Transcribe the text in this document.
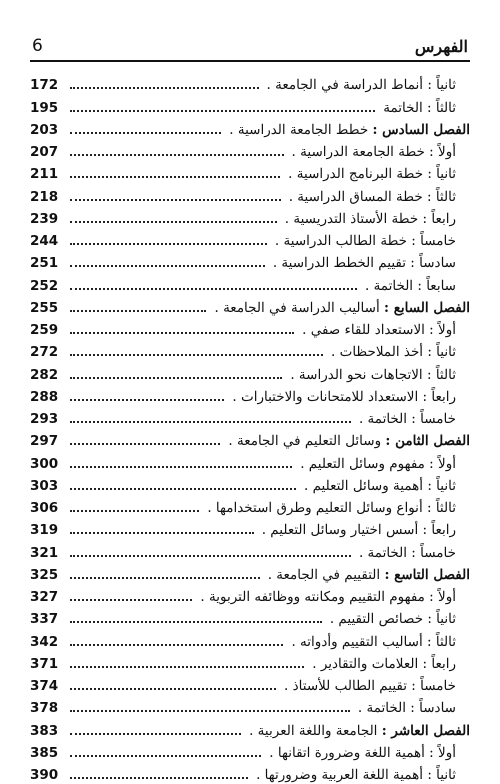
6	الفهرس
ثانياً : أنماط الدراسة في الجامعة .
172
ثالثاً : الخاتمة
195
الفصل السادس : خطط الجامعة الدراسية .
203
أولاً : خطة الجامعة الدراسية .
207
ثانياً : خطة البرنامج الدراسية .
211
ثالثاً : خطة المساق الدراسية .
218
رابعاً : خطة الأستاذ التدريسية .
239
خامساً : خطة الطالب الدراسية .
244
سادساً : تقييم الخطط الدراسية .
251
سابعاً : الخاتمة .
252
الفصل السابع : أساليب الدراسة في الجامعة .
255
أولاً : الاستعداد للقاء صفي .
259
ثانياً : أخذ الملاحظات .
272
ثالثاً : الاتجاهات نحو الدراسة .
282
رابعاً : الاستعداد للامتحانات والاختبارات .
288
خامساً : الخاتمة .
293
الفصل الثامن : وسائل التعليم في الجامعة .
297
أولاً : مفهوم وسائل التعليم .
300
ثانياً : أهمية وسائل التعليم .
303
ثالثاً : أنواع وسائل التعليم وطرق استخدامها .
306
رابعاً : أسس اختيار وسائل التعليم .
319
خامساً : الخاتمة .
321
الفصل التاسع : التقييم في الجامعة .
325
أولاً : مفهوم التقييم ومكانته ووظائفه التربوية .
327
ثانياً : خصائص التقييم .
337
ثالثاً : أساليب التقييم وأدواته .
342
رابعاً : العلامات والتقادير .
371
خامساً : تقييم الطالب للأستاذ .
374
سادساً : الخاتمة .
378
الفصل العاشر : الجامعة واللغة العربية .
383
أولاً : أهمية اللغة وضرورة اتقانها .
385
ثانياً : أهمية اللغة العربية وضرورتها .
390
